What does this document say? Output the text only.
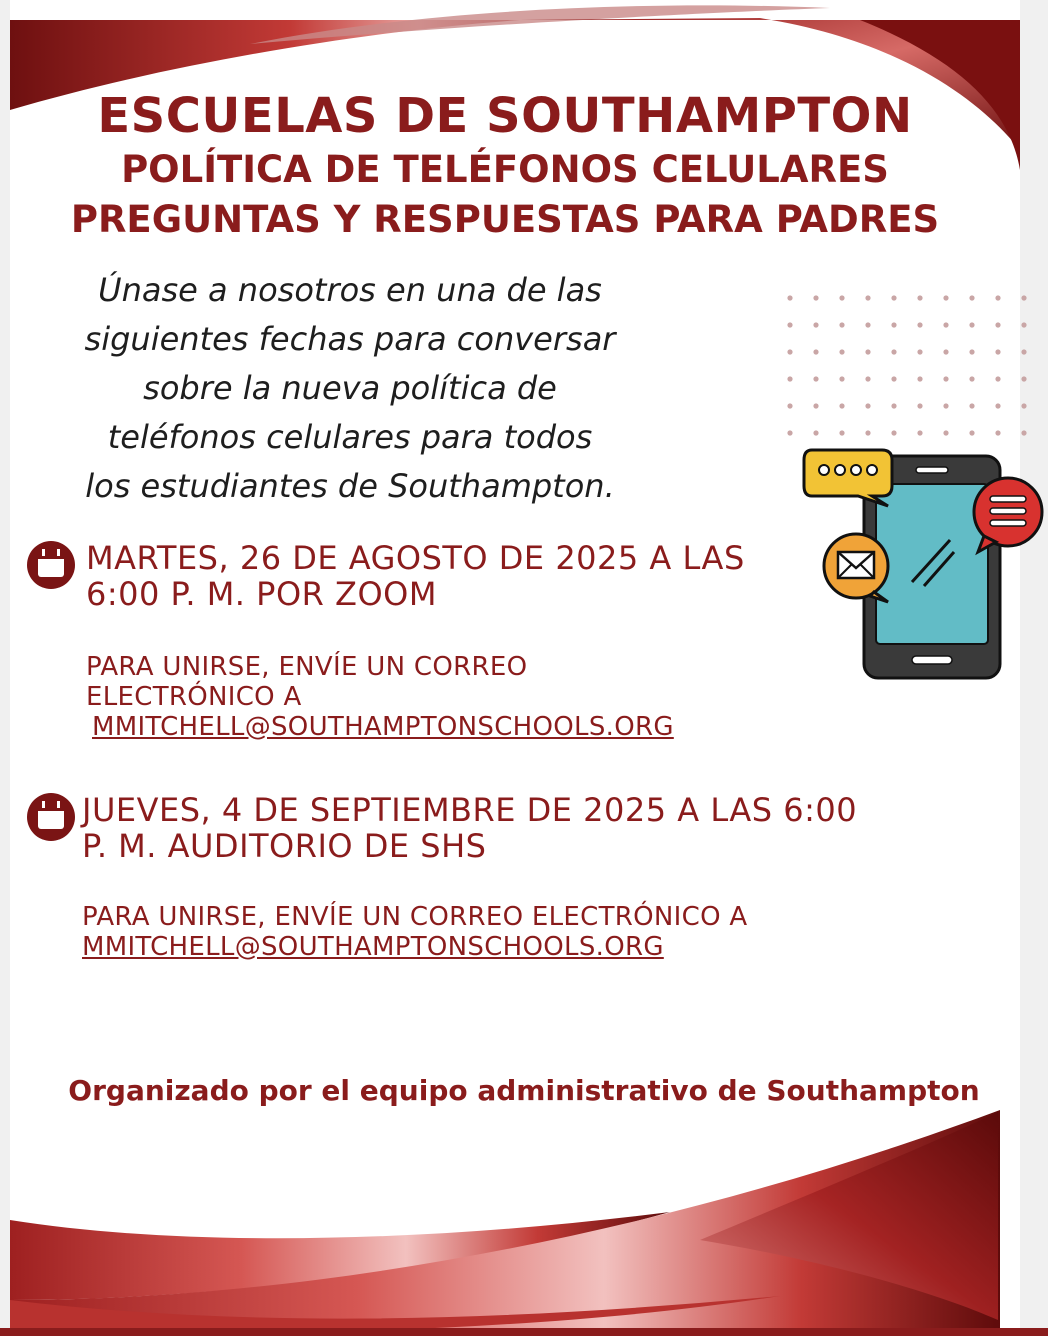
ESCUELAS DE SOUTHAMPTON
POLÍTICA DE TELÉFONOS CELULARES
PREGUNTAS Y RESPUESTAS PARA PADRES

Únase a nosotros en una de las
siguientes fechas para conversar
sobre la nueva política de
teléfonos celulares para todos
los estudiantes de Southampton.

MARTES, 26 DE AGOSTO DE 2025 A LAS
6:00 P. M. POR ZOOM

PARA UNIRSE, ENVÍE UN CORREO
ELECTRÓNICO A
MMITCHELL@SOUTHAMPTONSCHOOLS.ORG

JUEVES, 4 DE SEPTIEMBRE DE 2025 A LAS 6:00
P. M. AUDITORIO DE SHS

PARA UNIRSE, ENVÍE UN CORREO ELECTRÓNICO A
MMITCHELL@SOUTHAMPTONSCHOOLS.ORG

Organizado por el equipo administrativo de Southampton
